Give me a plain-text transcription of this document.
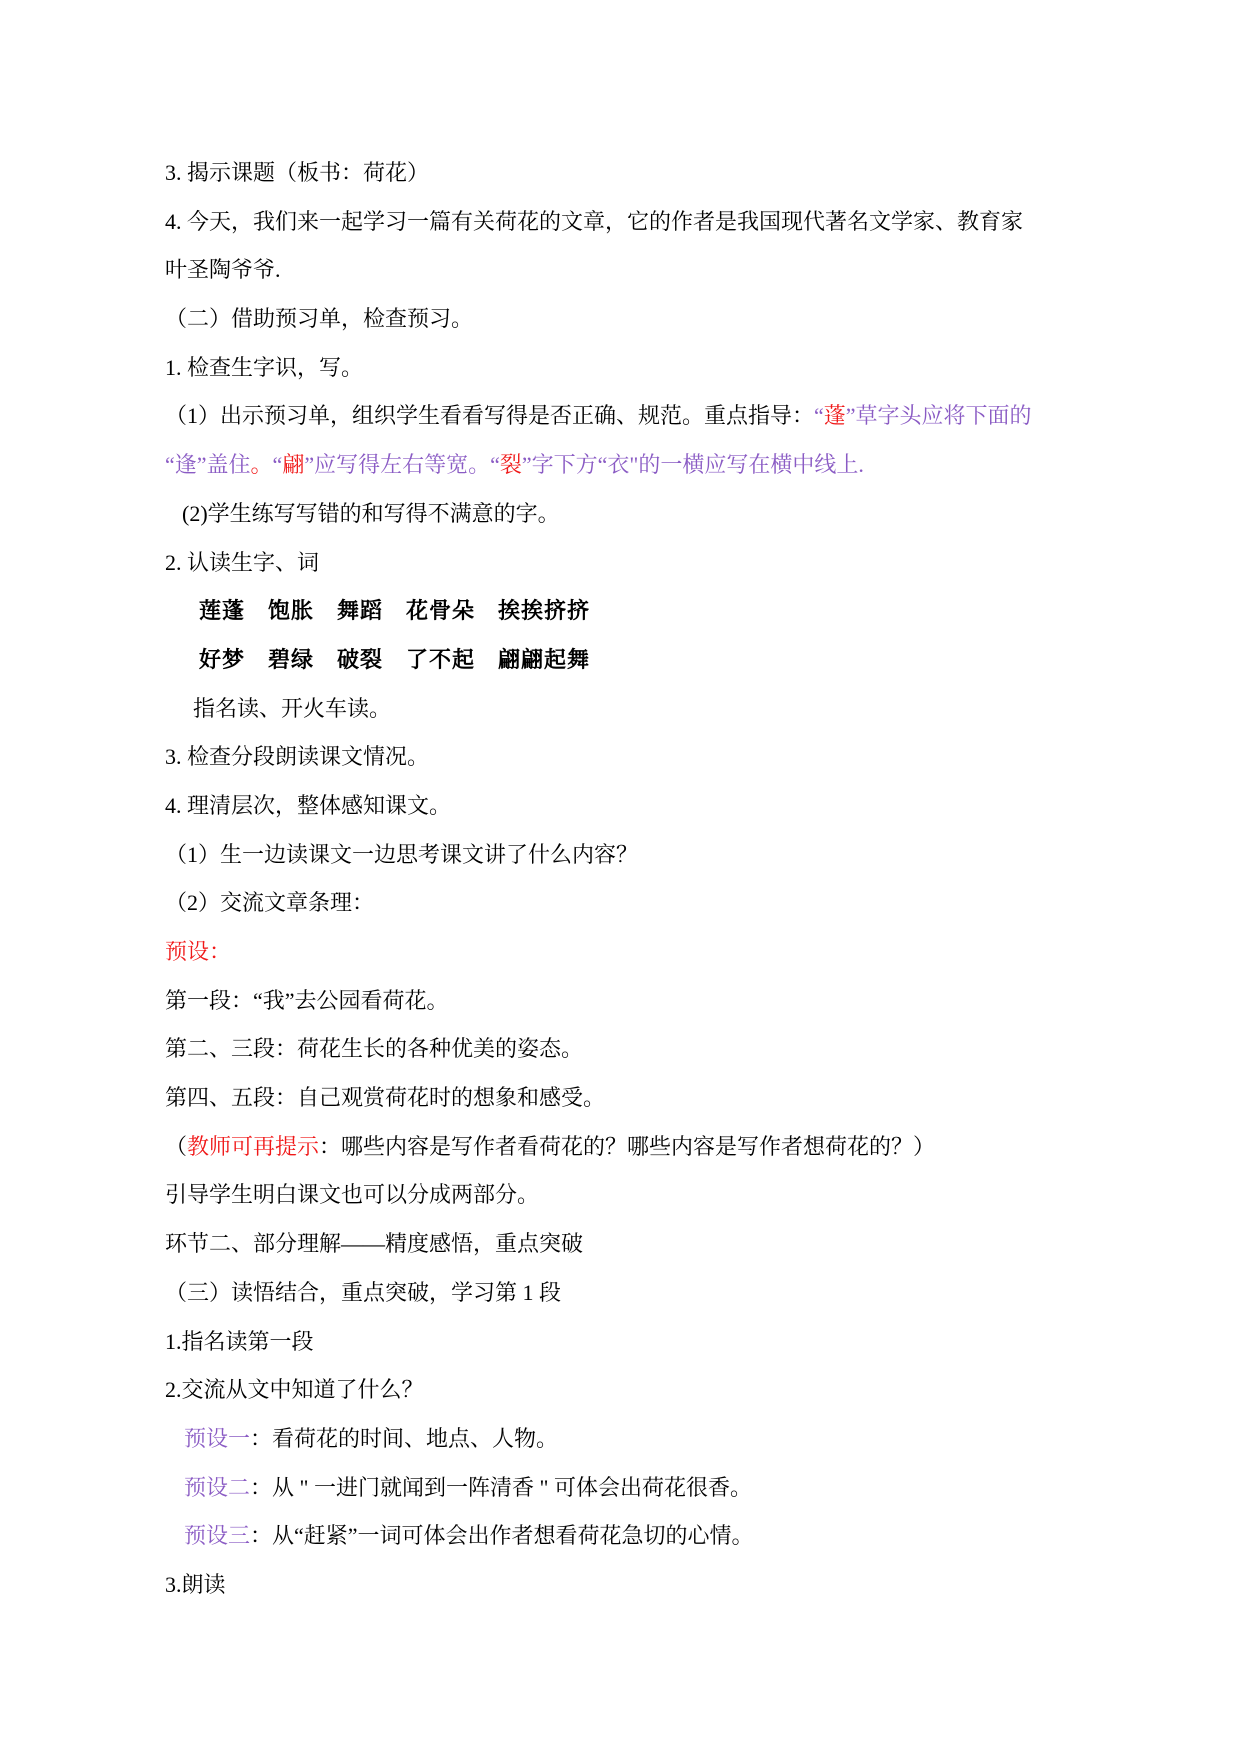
3. 揭示课题（板书：荷花）

4. 今天，我们来一起学习一篇有关荷花的文章，它的作者是我国现代著名文学家、教育家

叶圣陶爷爷.

（二）借助预习单，检查预习。

1. 检查生字识，写。

（1）出示预习单，组织学生看看写得是否正确、规范。重点指导：“蓬”草字头应将下面的

“逢”盖住。“翩”应写得左右等宽。“裂”字下方“衣"的一横应写在横中线上.

(2)学生练写写错的和写得不满意的字。

2. 认读生字、词

莲蓬　饱胀　舞蹈　花骨朵　挨挨挤挤

好梦　碧绿　破裂　了不起　翩翩起舞

指名读、开火车读。

3. 检查分段朗读课文情况。

4. 理清层次，整体感知课文。

（1）生一边读课文一边思考课文讲了什么内容？

（2）交流文章条理：

预设：

第一段：“我”去公园看荷花。

第二、三段：荷花生长的各种优美的姿态。

第四、五段：自己观赏荷花时的想象和感受。

（教师可再提示：哪些内容是写作者看荷花的？哪些内容是写作者想荷花的？）

引导学生明白课文也可以分成两部分。

环节二、部分理解——精度感悟，重点突破

（三）读悟结合，重点突破，学习第 1 段

1.指名读第一段

2.交流从文中知道了什么？

预设一：看荷花的时间、地点、人物。

预设二：从 " 一进门就闻到一阵清香 " 可体会出荷花很香。

预设三：从“赶紧”一词可体会出作者想看荷花急切的心情。

3.朗读
